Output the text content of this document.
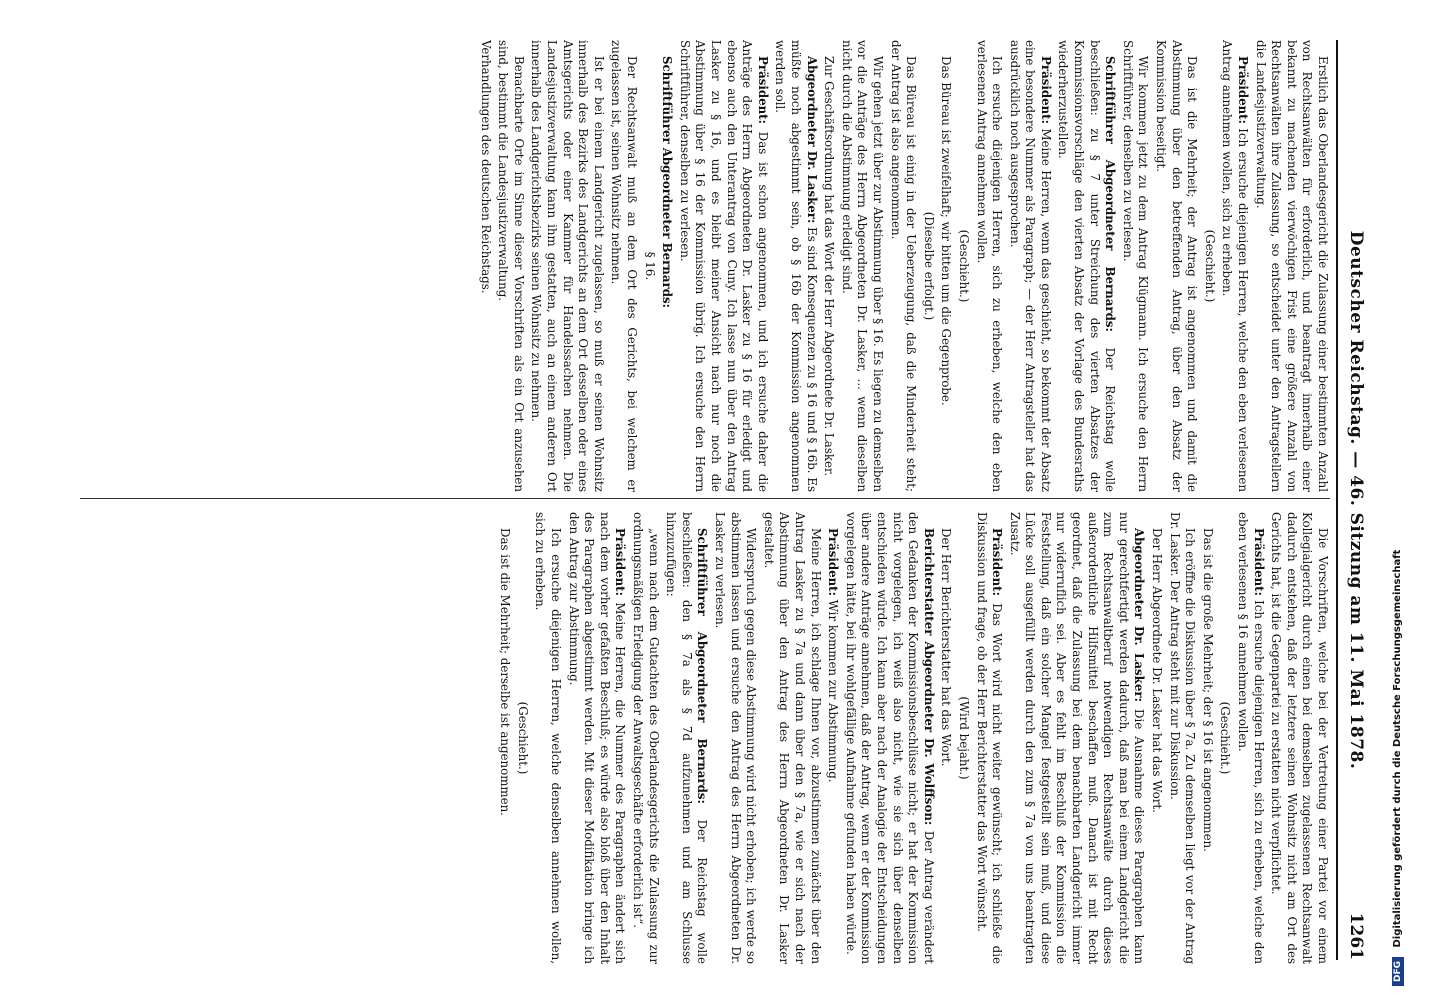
Deutscher Reichstag. — 46. Sitzung am 11. Mai 1878.
1261

Erstlich das Oberlandesgericht die Zulassung einer bestimmten Anzahl von Rechtsanwälten für erforderlich, und beantragt innerhalb einer bekannt zu machenden vierwöchigen Frist eine größere Anzahl von Rechtsanwälten ihre Zulassung, so entscheidet unter den Antragstellern die Landesjustizverwaltung.

Präsident: Ich ersuche diejenigen Herren, welche den eben verlesenen Antrag annehmen wollen, sich zu erheben.

(Geschieht.)

Das ist die Mehrheit; der Antrag ist angenommen und damit die Abstimmung über den betreffenden Antrag, über den Absatz der Kommission beseitigt.

Wir kommen jetzt zu dem Antrag Klügmann. Ich ersuche den Herrn Schriftführer, denselben zu verlesen.

Schriftführer Abgeordneter Bernards: Der Reichstag wolle beschließen: zu § 7 unter Streichung des vierten Absatzes der Kommissionsvorschläge den vierten Absatz der Vorlage des Bundesraths wiederherzustellen.

Präsident: Meine Herren, wenn das geschieht, so bekommt der Absatz eine besondere Nummer als Paragraph; — der Herr Antragsteller hat das ausdrücklich noch ausgesprochen.

Ich ersuche diejenigen Herren, sich zu erheben, welche den eben verlesenen Antrag annehmen wollen.

(Geschieht.)

Das Büreau ist zweifelhaft; wir bitten um die Gegenprobe.

(Dieselbe erfolgt.)

Das Büreau ist einig in der Ueberzeugung, daß die Minderheit steht; der Antrag ist also angenommen.

Wir gehen jetzt über zur Abstimmung über § 16. Es liegen zu demselben vor die Anträge des Herrn Abgeordneten Dr. Lasker, ... wenn dieselben nicht durch die Abstimmung erledigt sind.

Zur Geschäftsordnung hat das Wort der Herr Abgeordnete Dr. Lasker.

Abgeordneter Dr. Lasker: Es sind Konsequenzen zu § 16 und § 16b. Es müßte noch abgestimmt sein, ob § 16b der Kommission angenommen werden soll.

Präsident: Das ist schon angenommen, und ich ersuche daher die Anträge des Herrn Abgeordneten Dr. Lasker zu § 16 für erledigt und ebenso auch den Unterantrag von Cuny. Ich lasse nun über den Antrag Lasker zu § 16, und es bleibt meiner Ansicht nach nur noch die Abstimmung über § 16 der Kommission übrig. Ich ersuche den Herrn Schriftführer, denselben zu verlesen.

Schriftführer Abgeordneter Bernards:

§ 16.

Der Rechtsanwalt muß an dem Ort des Gerichts, bei welchem er zugelassen ist, seinen Wohnsitz nehmen.

Ist er bei einem Landgericht zugelassen, so muß er seinen Wohnsitz innerhalb des Bezirks des Landgerichts an dem Ort desselben oder eines Amtsgerichts oder einer Kammer für Handelssachen nehmen. Die Landesjustizverwaltung kann ihm gestatten, auch an einem anderen Ort innerhalb des Landgerichtsbezirks seinen Wohnsitz zu nehmen.

Benachbarte Orte im Sinne dieser Vorschriften als ein Ort anzusehen sind, bestimmt die Landesjustizverwaltung.

Verhandlungen des deutschen Reichstags.

Die Vorschriften, welche bei der Vertretung einer Partei vor einem Kollegialgericht durch einen bei demselben zugelassenen Rechtsanwalt dadurch entstehen, daß der letztere seinen Wohnsitz nicht am Ort des Gerichts hat, ist die Gegenpartei zu erstatten nicht verpflichtet.

Präsident: Ich ersuche diejenigen Herren, sich zu erheben, welche den eben verlesenen § 16 annehmen wollen.

(Geschieht.)

Das ist die große Mehrheit; der § 16 ist angenommen.

Ich eröffne die Diskussion über § 7a. Zu demselben liegt vor der Antrag Dr. Lasker. Der Antrag steht mit zur Diskussion.

Der Herr Abgeordnete Dr. Lasker hat das Wort.

Abgeordneter Dr. Lasker: Die Ausnahme dieses Paragraphen kann nur gerechtfertigt werden dadurch, daß man bei einem Landgericht die zum Rechtsanwaltberuf notwendigen Rechtsanwälte durch dieses außerordentliche Hilfsmittel beschaffen muß. Danach ist mit Recht geordnet, daß die Zulassung bei dem benachbarten Landgericht immer nur widerruflich sei. Aber es fehlt im Beschluß der Kommission die Feststellung, daß ein solcher Mangel festgestellt sein muß, und diese Lücke soll ausgefüllt werden durch den zum § 7a von uns beantragten Zusatz.

Präsident: Das Wort wird nicht weiter gewünscht; ich schließe die Diskussion und frage, ob der Herr Berichterstatter das Wort wünscht.

(Wird bejaht.)

Der Herr Berichterstatter hat das Wort.

Berichterstatter Abgeordneter Dr. Wolffson: Der Antrag verändert den Gedanken der Kommissionsbeschlüsse nicht; er hat der Kommission nicht vorgelegen, ich weiß also nicht, wie sie sich über denselben entschieden würde. Ich kann aber nach der Analogie der Entscheidungen über andere Anträge annehmen, daß der Antrag, wenn er der Kommission vorgelegen hätte, bei ihr wohlgefällige Aufnahme gefunden haben würde.

Präsident: Wir kommen zur Abstimmung.

Meine Herren, ich schlage Ihnen vor, abzustimmen zunächst über den Antrag Lasker zu § 7a und dann über den § 7a, wie er sich nach der Abstimmung über den Antrag des Herrn Abgeordneten Dr. Lasker gestaltet.

Widerspruch gegen diese Abstimmung wird nicht erhoben; ich werde so abstimmen lassen und ersuche den Antrag des Herrn Abgeordneten Dr. Lasker zu verlesen.

Schriftführer Abgeordneter Bernards: Der Reichstag wolle beschließen: den § 7a als § 7d aufzunehmen und am Schlusse hinzuzufügen:

„wenn nach dem Gutachten des Oberlandesgerichts die Zulassung zur ordnungsmäßigen Erledigung der Anwaltsgeschäfte erforderlich ist“.

Präsident: Meine Herren, die Nummer des Paragraphen ändert sich nach dem vorher gefaßten Beschluß; es würde also bloß über den Inhalt des Paragraphen abgestimmt werden. Mit dieser Modifikation bringe ich den Antrag zur Abstimmung.

Ich ersuche diejenigen Herren, welche denselben annehmen wollen, sich zu erheben.

(Geschieht.)

Das ist die Mehrheit; derselbe ist angenommen.

DFG Digitalisierung gefördert durch die Deutsche Forschungsgemeinschaft
